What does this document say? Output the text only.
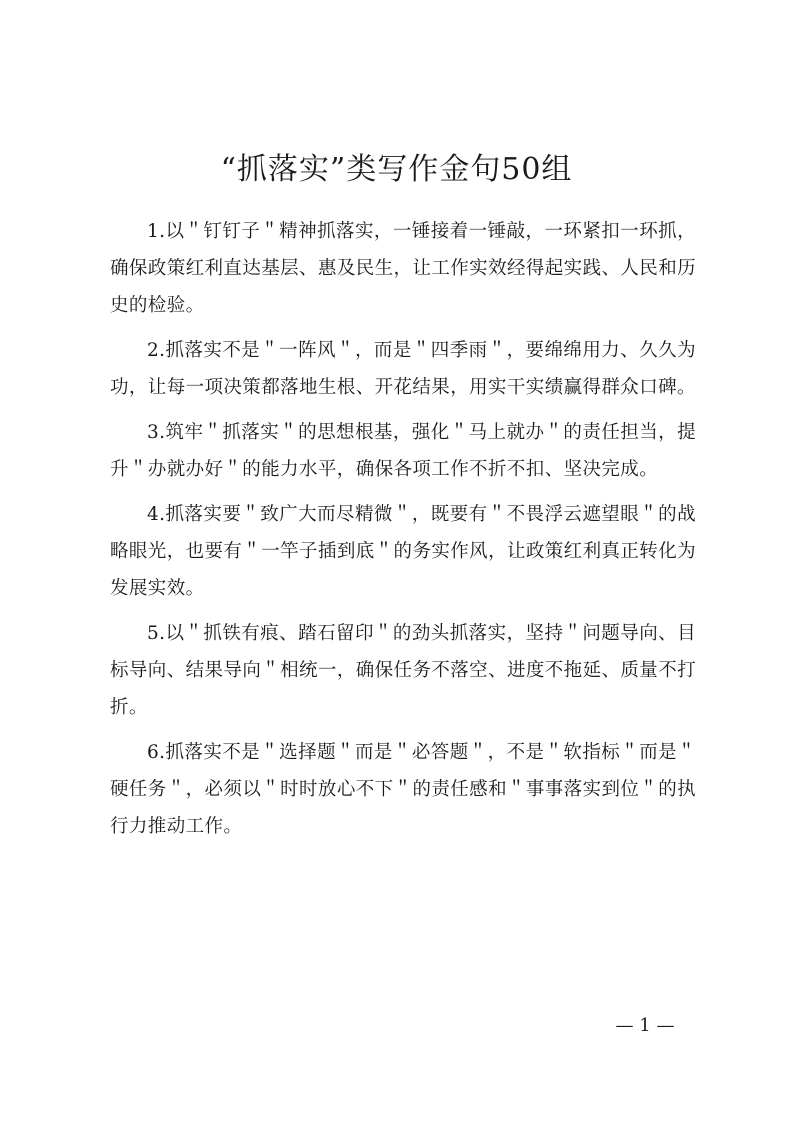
“抓落实”类写作金句50组

1.以＂钉钉子＂精神抓落实，一锤接着一锤敲，一环紧扣一环抓，确保政策红利直达基层、惠及民生，让工作实效经得起实践、人民和历史的检验。

2.抓落实不是＂一阵风＂，而是＂四季雨＂，要绵绵用力、久久为功，让每一项决策都落地生根、开花结果，用实干实绩赢得群众口碑。

3.筑牢＂抓落实＂的思想根基，强化＂马上就办＂的责任担当，提升＂办就办好＂的能力水平，确保各项工作不折不扣、坚决完成。

4.抓落实要＂致广大而尽精微＂，既要有＂不畏浮云遮望眼＂的战略眼光，也要有＂一竿子插到底＂的务实作风，让政策红利真正转化为发展实效。

5.以＂抓铁有痕、踏石留印＂的劲头抓落实，坚持＂问题导向、目标导向、结果导向＂相统一，确保任务不落空、进度不拖延、质量不打折。

6.抓落实不是＂选择题＂而是＂必答题＂，不是＂软指标＂而是＂硬任务＂，必须以＂时时放心不下＂的责任感和＂事事落实到位＂的执行力推动工作。

— 1 —
